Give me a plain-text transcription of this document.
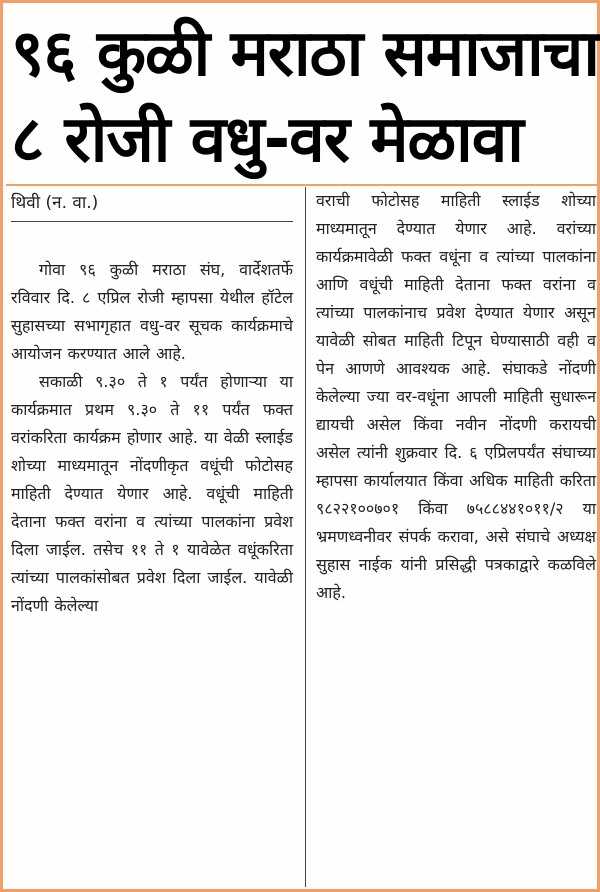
९६ कुळी मराठा समाजाचा
८ रोजी वधु-वर मेळावा
थिवी (न. वा.)

गोवा ९६ कुळी मराठा संघ, वार्देशतर्फे रविवार दि. ८ एप्रिल रोजी म्हापसा येथील हॉटेल सुहासच्या सभागृहात वधु-वर सूचक कार्यक्रमाचे आयोजन करण्यात आले आहे.

सकाळी ९.३० ते १ पर्यंत होणाऱ्या या कार्यक्रमात प्रथम ९.३० ते ११ पर्यंत फक्त वरांकरिता कार्यक्रम होणार आहे. या वेळी स्लाईड शोच्या माध्यमातून नोंदणीकृत वधूंची फोटोसह माहिती देण्यात येणार आहे. वधूंची माहिती देताना फक्त वरांना व त्यांच्या पालकांना प्रवेश दिला जाईल. तसेच ११ ते १ यावेळेत वधूंकरिता त्यांच्या पालकांसोबत प्रवेश दिला जाईल. यावेळी नोंदणी केलेल्या

वराची फोटोसह माहिती स्लाईड शोच्या माध्यमातून देण्यात येणार आहे. वरांच्या कार्यक्रमावेळी फक्त वधूंना व त्यांच्या पालकांना आणि वधूंची माहिती देताना फक्त वरांना व त्यांच्या पालकांनाच प्रवेश देण्यात येणार असून यावेळी सोबत माहिती टिपून घेण्यासाठी वही व पेन आणणे आवश्यक आहे. संघाकडे नोंदणी केलेल्या ज्या वर-वधूंना आपली माहिती सुधारून द्यायची असेल किंवा नवीन नोंदणी करायची असेल त्यांनी शुक्रवार दि. ६ एप्रिलपर्यंत संघाच्या म्हापसा कार्यालयात किंवा अधिक माहिती करिता ९८२२१००७०१ किंवा ७५८८४४१०११/२ या भ्रमणध्वनीवर संपर्क करावा, असे संघाचे अध्यक्ष सुहास नाईक यांनी प्रसिद्धी पत्रकाद्वारे कळविले आहे.
